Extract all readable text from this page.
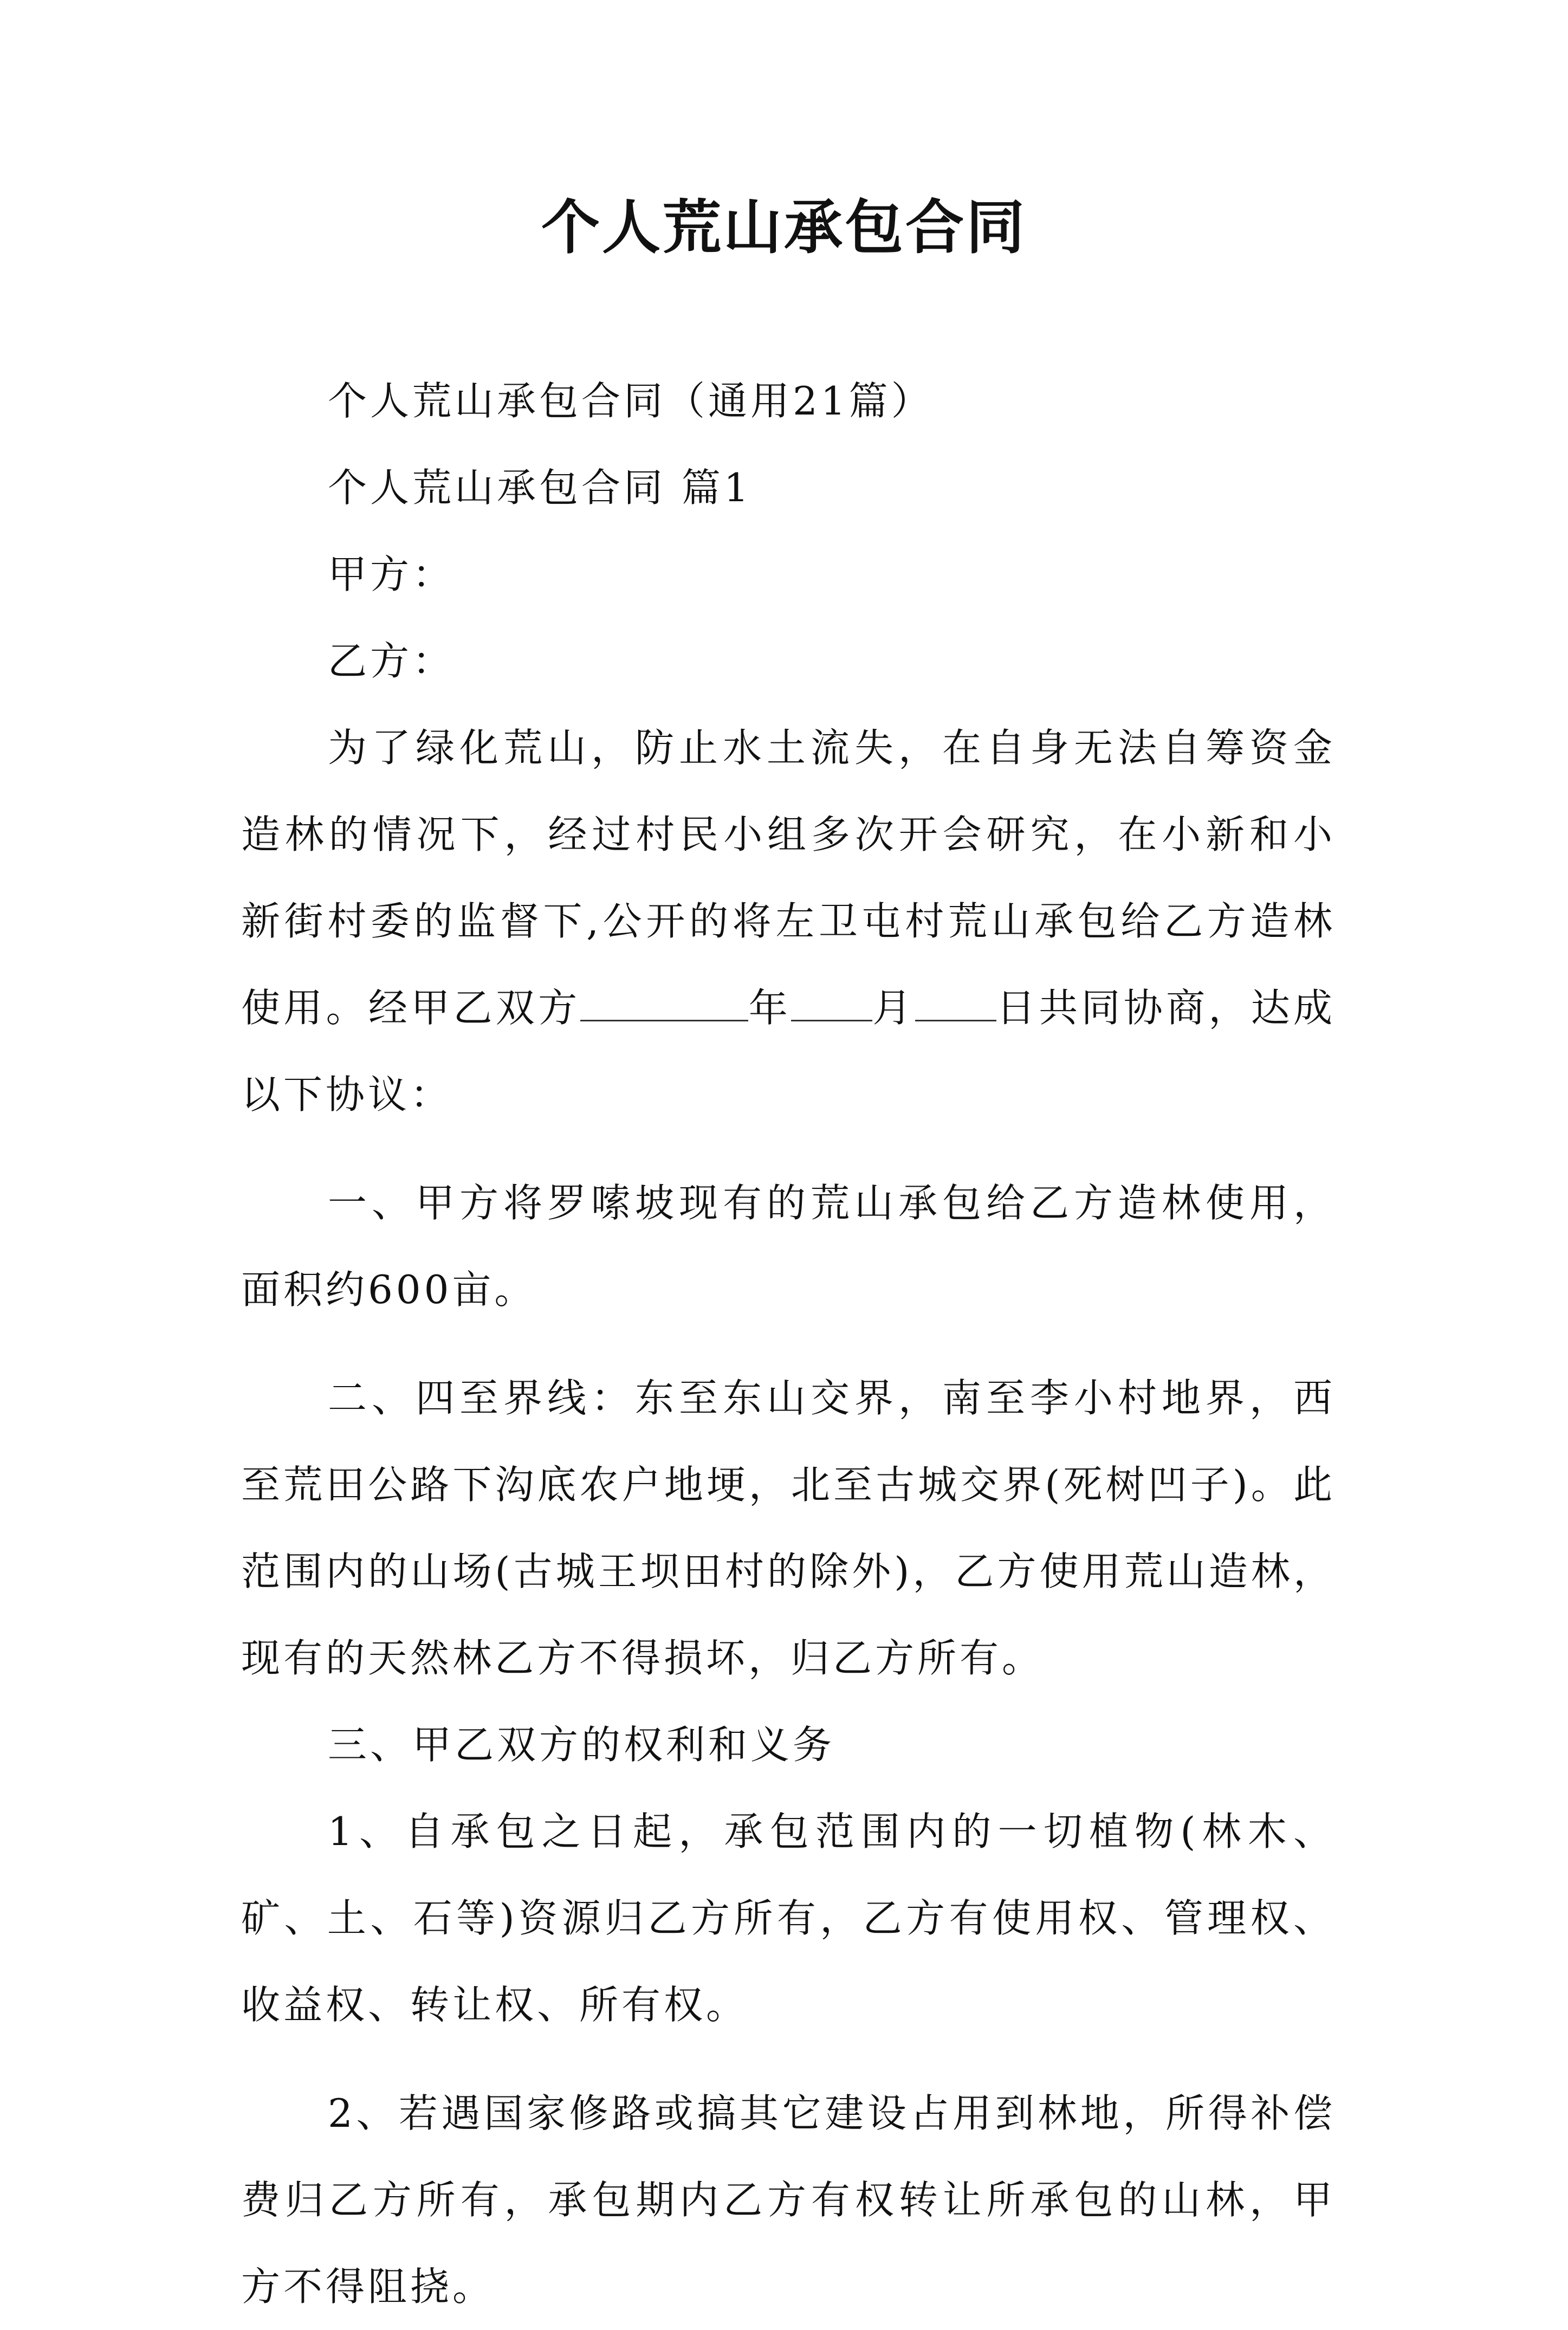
个人荒山承包合同

个人荒山承包合同（通用21篇）

个人荒山承包合同 篇1

甲方：

乙方：

为了绿化荒山，防止水土流失，在自身无法自筹资金造林的情况下，经过村民小组多次开会研究，在小新和小新街村委的监督下,公开的将左卫屯村荒山承包给乙方造林使用。经甲乙双方	年 月 日共同协商，达成以下协议：

一、甲方将罗嗦坡现有的荒山承包给乙方造林使用，面积约600亩。

二、四至界线：东至东山交界，南至李小村地界，西至荒田公路下沟底农户地埂，北至古城交界(死树凹子)。此范围内的山场(古城王坝田村的除外)，乙方使用荒山造林，现有的天然林乙方不得损坏，归乙方所有。

三、甲乙双方的权利和义务

1、自承包之日起，承包范围内的一切植物(林木、矿、土、石等)资源归乙方所有，乙方有使用权、管理权、收益权、转让权、所有权。

2、若遇国家修路或搞其它建设占用到林地，所得补偿费归乙方所有，承包期内乙方有权转让所承包的山林，甲方不得阻挠。
